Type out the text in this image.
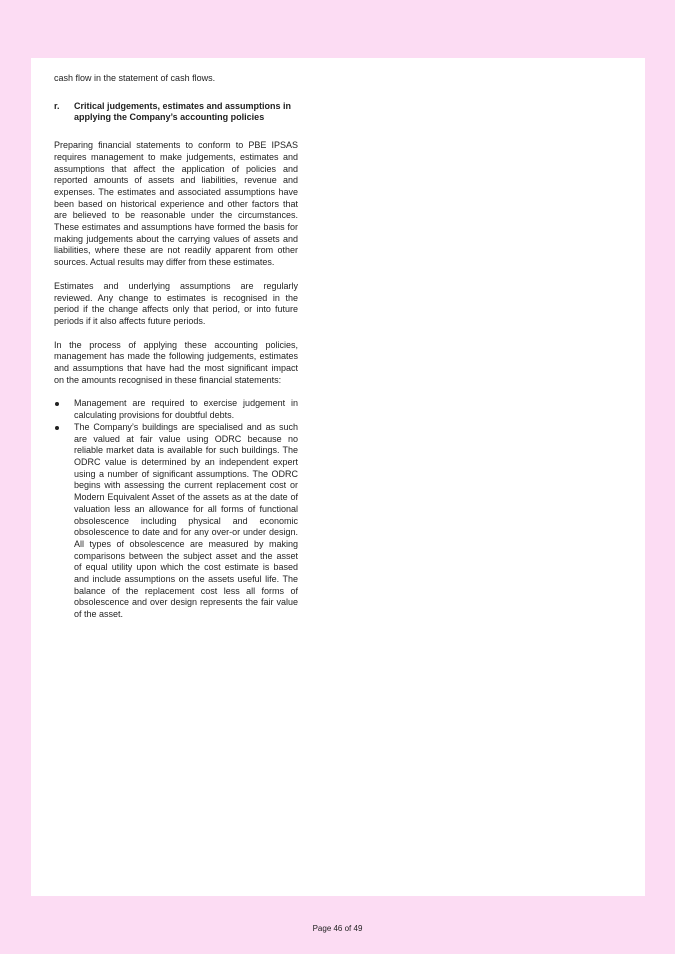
cash flow in the statement of cash flows.

r.	Critical judgements, estimates and assumptions in applying the Company’s accounting policies

Preparing financial statements to conform to PBE IPSAS requires management to make judgements, estimates and assumptions that affect the application of policies and reported amounts of assets and liabilities, revenue and expenses. The estimates and associated assumptions have been based on historical experience and other factors that are believed to be reasonable under the circumstances. These estimates and assumptions have formed the basis for making judgements about the carrying values of assets and liabilities, where these are not readily apparent from other sources. Actual results may differ from these estimates.

Estimates and underlying assumptions are regularly reviewed. Any change to estimates is recognised in the period if the change affects only that period, or into future periods if it also affects future periods.

In the process of applying these accounting policies, management has made the following judgements, estimates and assumptions that have had the most significant impact on the amounts recognised in these financial statements:

Management are required to exercise judgement in calculating provisions for doubtful debts.
The Company’s buildings are specialised and as such are valued at fair value using ODRC because no reliable market data is available for such buildings. The ODRC value is determined by an independent expert using a number of significant assumptions. The ODRC begins with assessing the current replacement cost or Modern Equivalent Asset of the assets as at the date of valuation less an allowance for all forms of functional obsolescence including physical and economic obsolescence to date and for any over-or under design. All types of obsolescence are measured by making comparisons between the subject asset and the asset of equal utility upon which the cost estimate is based and include assumptions on the assets useful life. The balance of the replacement cost less all forms of obsolescence and over design represents the fair value of the asset.
Page 46 of 49
